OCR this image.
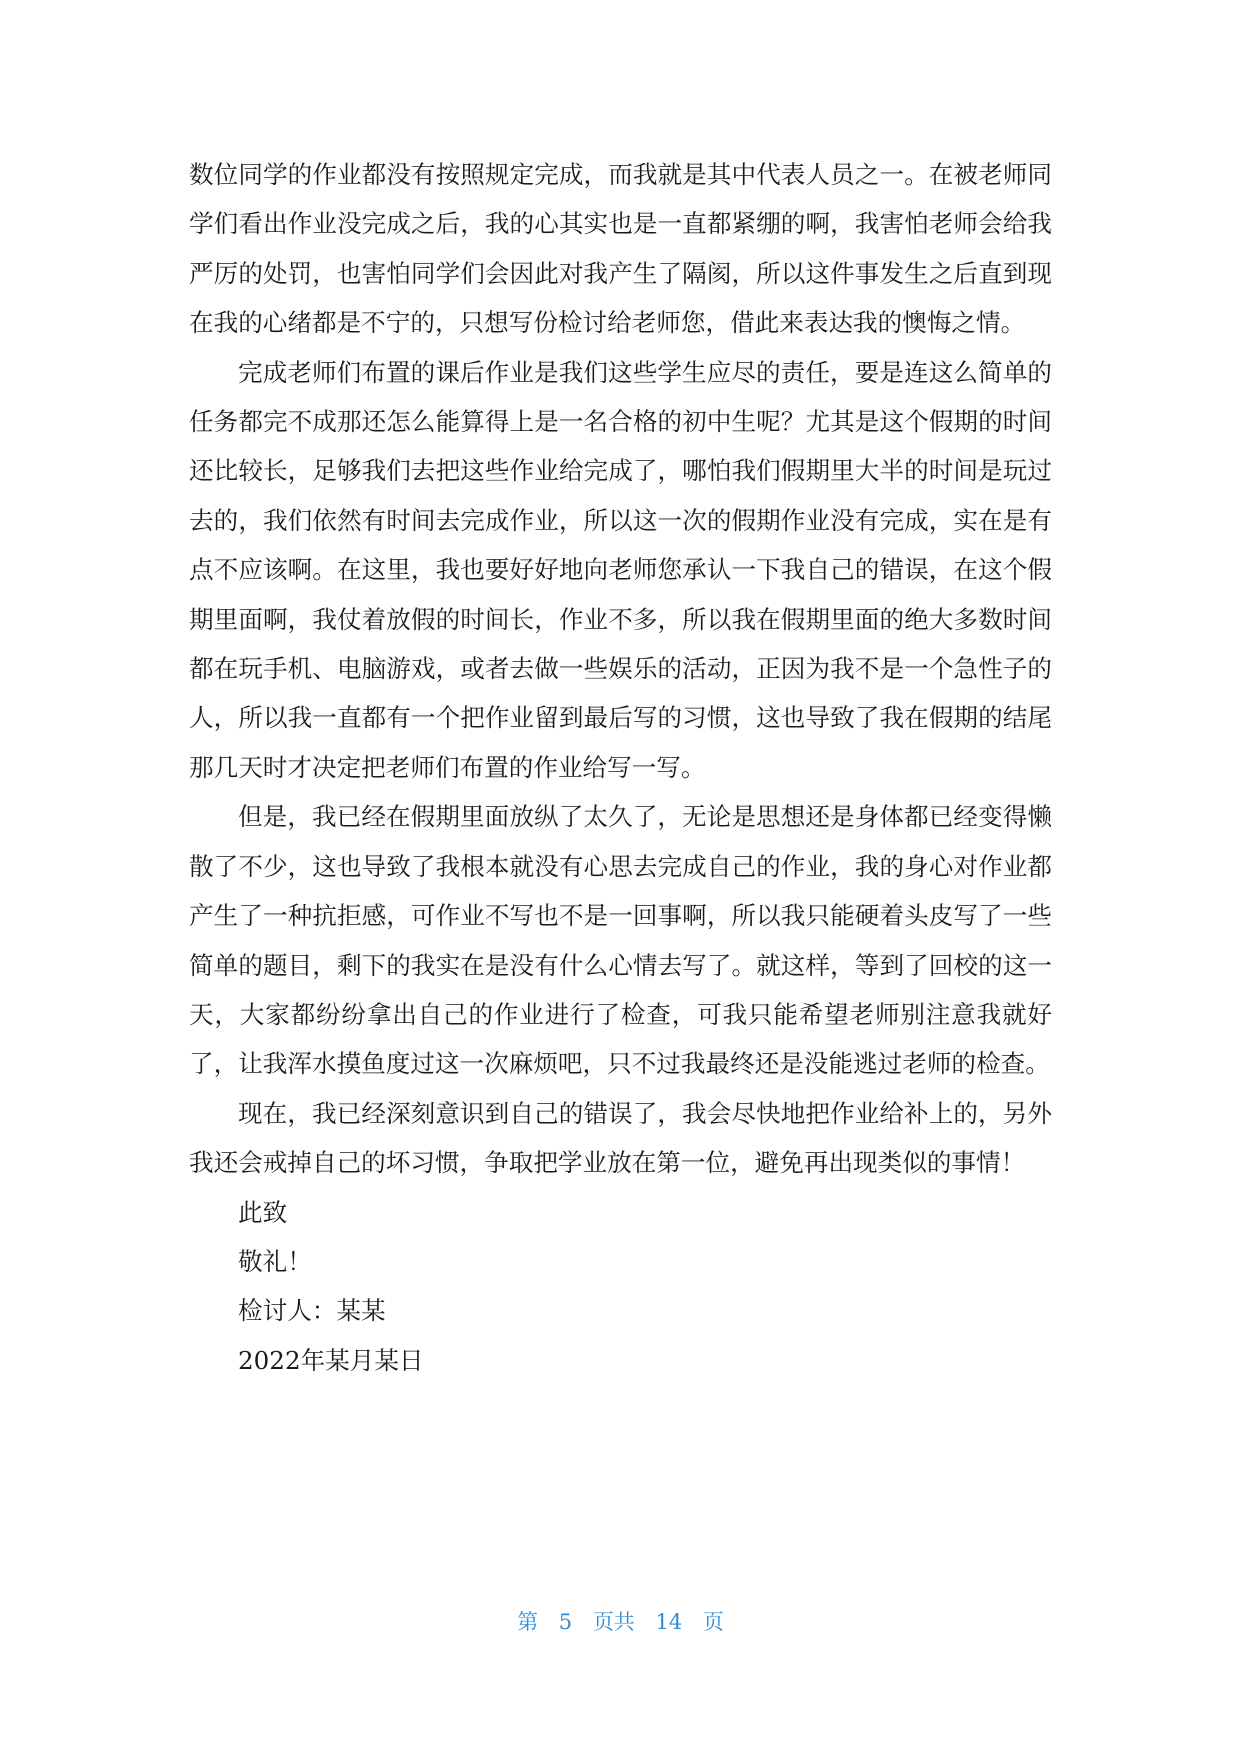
数位同学的作业都没有按照规定完成，而我就是其中代表人员之一。在被老师同学们看出作业没完成之后，我的心其实也是一直都紧绷的啊，我害怕老师会给我严厉的处罚，也害怕同学们会因此对我产生了隔阂，所以这件事发生之后直到现在我的心绪都是不宁的，只想写份检讨给老师您，借此来表达我的懊悔之情。

完成老师们布置的课后作业是我们这些学生应尽的责任，要是连这么简单的任务都完不成那还怎么能算得上是一名合格的初中生呢？尤其是这个假期的时间还比较长，足够我们去把这些作业给完成了，哪怕我们假期里大半的时间是玩过去的，我们依然有时间去完成作业，所以这一次的假期作业没有完成，实在是有点不应该啊。在这里，我也要好好地向老师您承认一下我自己的错误，在这个假期里面啊，我仗着放假的时间长，作业不多，所以我在假期里面的绝大多数时间都在玩手机、电脑游戏，或者去做一些娱乐的活动，正因为我不是一个急性子的人，所以我一直都有一个把作业留到最后写的习惯，这也导致了我在假期的结尾那几天时才决定把老师们布置的作业给写一写。

但是，我已经在假期里面放纵了太久了，无论是思想还是身体都已经变得懒散了不少，这也导致了我根本就没有心思去完成自己的作业，我的身心对作业都产生了一种抗拒感，可作业不写也不是一回事啊，所以我只能硬着头皮写了一些简单的题目，剩下的我实在是没有什么心情去写了。就这样，等到了回校的这一天，大家都纷纷拿出自己的作业进行了检查，可我只能希望老师别注意我就好了，让我浑水摸鱼度过这一次麻烦吧，只不过我最终还是没能逃过老师的检查。

现在，我已经深刻意识到自己的错误了，我会尽快地把作业给补上的，另外我还会戒掉自己的坏习惯，争取把学业放在第一位，避免再出现类似的事情！

此致

敬礼！

检讨人：某某

2022年某月某日

第 5 页共 14 页
